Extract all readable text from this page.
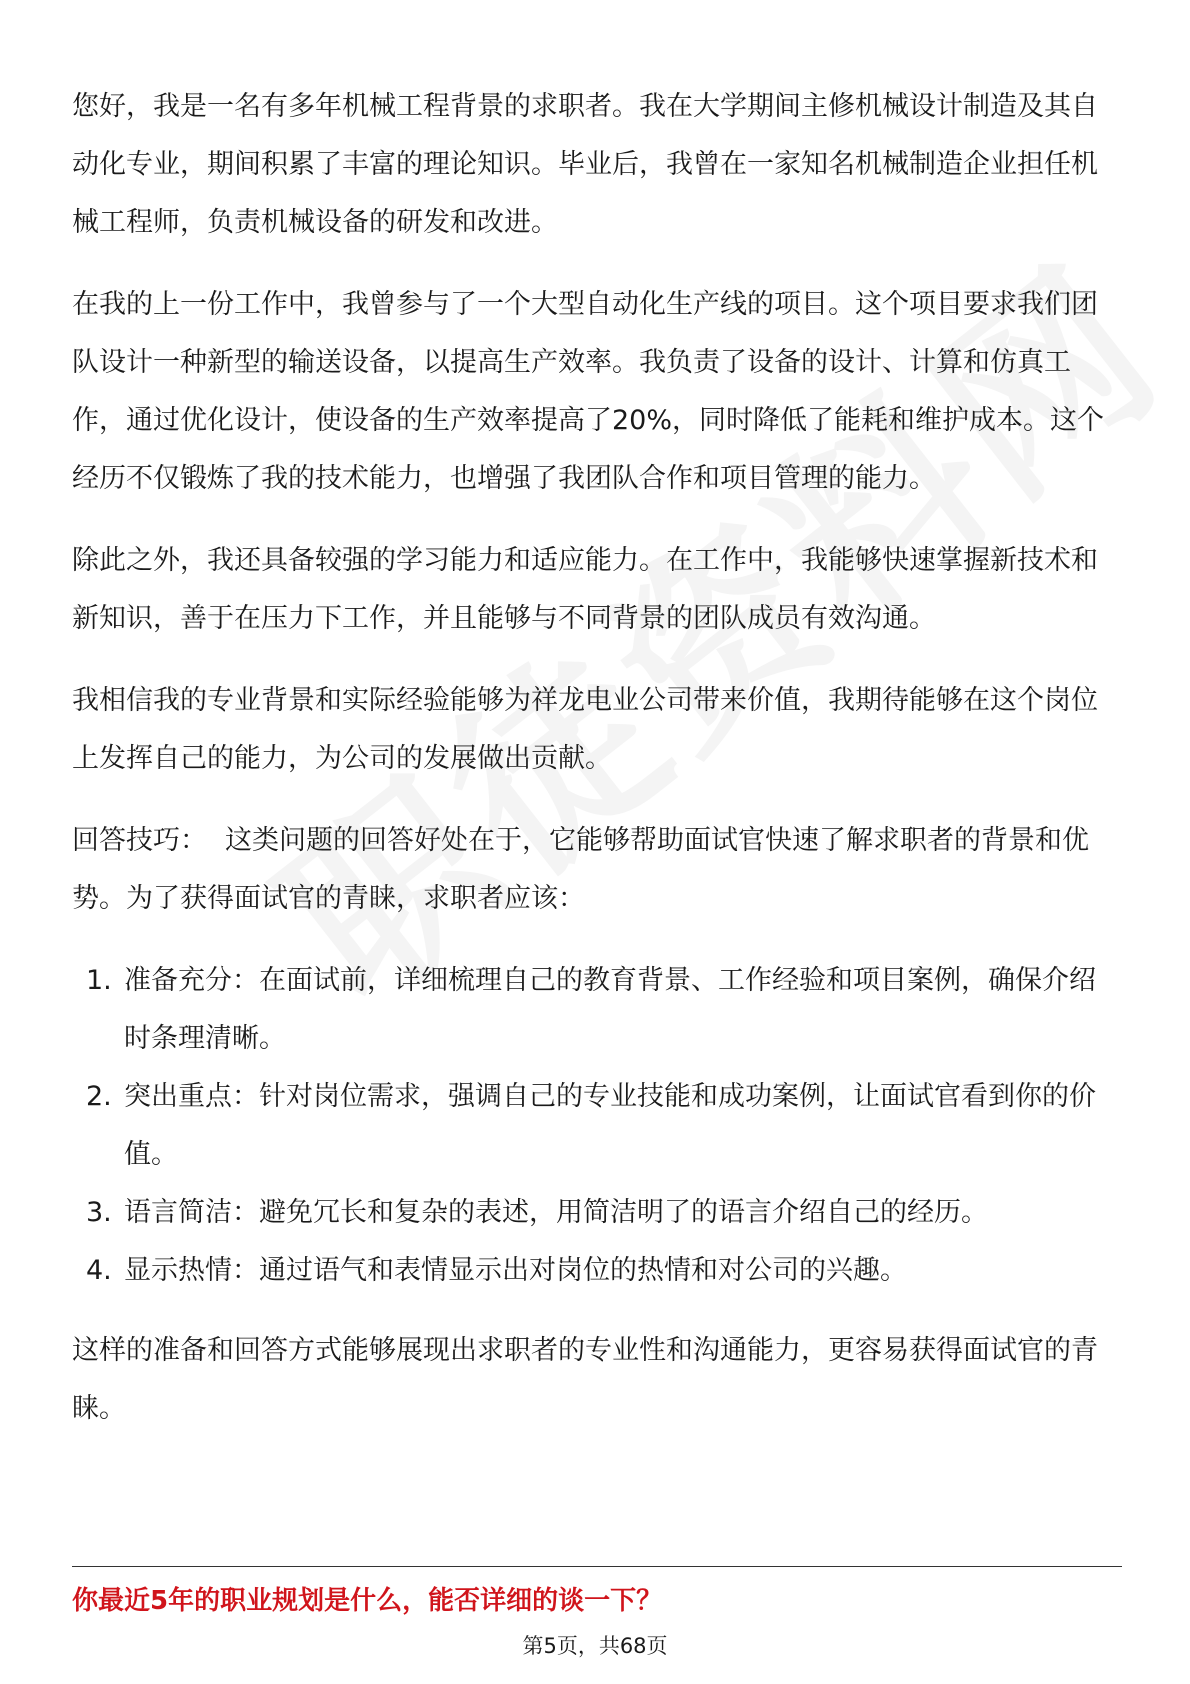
您好，我是一名有多年机械工程背景的求职者。我在大学期间主修机械设计制造及其自动化专业，期间积累了丰富的理论知识。毕业后，我曾在一家知名机械制造企业担任机械工程师，负责机械设备的研发和改进。

在我的上一份工作中，我曾参与了一个大型自动化生产线的项目。这个项目要求我们团队设计一种新型的输送设备，以提高生产效率。我负责了设备的设计、计算和仿真工作，通过优化设计，使设备的生产效率提高了20%，同时降低了能耗和维护成本。这个经历不仅锻炼了我的技术能力，也增强了我团队合作和项目管理的能力。

除此之外，我还具备较强的学习能力和适应能力。在工作中，我能够快速掌握新技术和新知识，善于在压力下工作，并且能够与不同背景的团队成员有效沟通。

我相信我的专业背景和实际经验能够为祥龙电业公司带来价值，我期待能够在这个岗位上发挥自己的能力，为公司的发展做出贡献。

回答技巧： 这类问题的回答好处在于，它能够帮助面试官快速了解求职者的背景和优势。为了获得面试官的青睐，求职者应该：

1. 准备充分：在面试前，详细梳理自己的教育背景、工作经验和项目案例，确保介绍时条理清晰。
2. 突出重点：针对岗位需求，强调自己的专业技能和成功案例，让面试官看到你的价值。
3. 语言简洁：避免冗长和复杂的表述，用简洁明了的语言介绍自己的经历。
4. 显示热情：通过语气和表情显示出对岗位的热情和对公司的兴趣。

这样的准备和回答方式能够展现出求职者的专业性和沟通能力，更容易获得面试官的青睐。

你最近5年的职业规划是什么，能否详细的谈一下？
第5页，共68页
